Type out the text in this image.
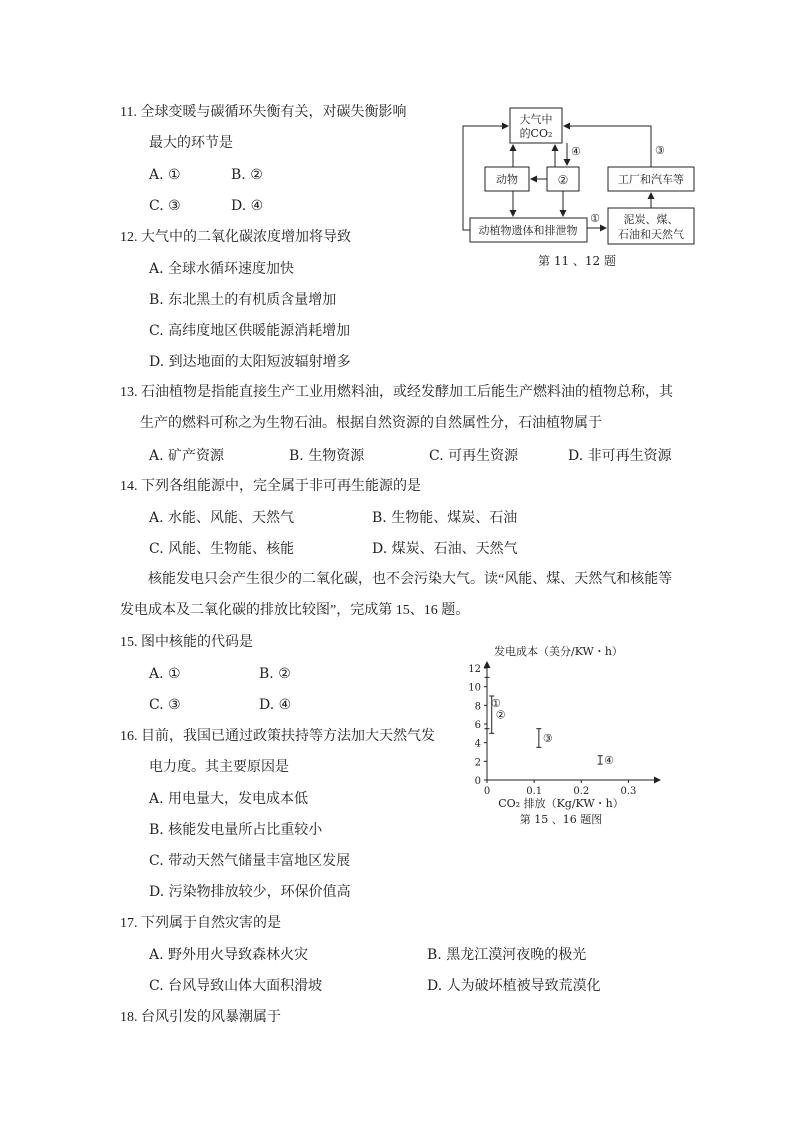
11. 全球变暖与碳循环失衡有关，对碳失衡影响
最大的环节是
A. ①	B. ②
C. ③	D. ④
12. 大气中的二氧化碳浓度增加将导致
A. 全球水循环速度加快
B. 东北黑土的有机质含量增加
C. 高纬度地区供暖能源消耗增加
D. 到达地面的太阳短波辐射增多
13. 石油植物是指能直接生产工业用燃料油，或经发酵加工后能生产燃料油的植物总称，其
生产的燃料可称之为生物石油。根据自然资源的自然属性分，石油植物属于
A. 矿产资源	B. 生物资源	C. 可再生资源	D. 非可再生资源
14. 下列各组能源中，完全属于非可再生能源的是
A. 水能、风能、天然气	B. 生物能、煤炭、石油
C. 风能、生物能、核能	D. 煤炭、石油、天然气
核能发电只会产生很少的二氧化碳，也不会污染大气。读“风能、煤、天然气和核能等
发电成本及二氧化碳的排放比较图”，完成第 15、16 题。
15. 图中核能的代码是
A. ①	B. ②
C. ③	D. ④
16. 目前，我国已通过政策扶持等方法加大天然气发
电力度。其主要原因是
A. 用电量大，发电成本低
B. 核能发电量所占比重较小
C. 带动天然气储量丰富地区发展
D. 污染物排放较少，环保价值高
17. 下列属于自然灾害的是
A. 野外用火导致森林火灾	B. 黑龙江漠河夜晚的极光
C. 台风导致山体大面积滑坡	D. 人为破坏植被导致荒漠化
18. 台风引发的风暴潮属于
大气中
的CO₂
动物	②	工厂和汽车等
动植物遗体和排泄物
泥炭、煤、
石油和天然气
①
③
④
第 11 、12 题
发电成本（美分/KW・h）
0
2
4
6
8
10
12
0	0.1	0.2	0.3
①
②
③
④
CO₂ 排放（Kg/KW・h）
第 15 、16 题图
